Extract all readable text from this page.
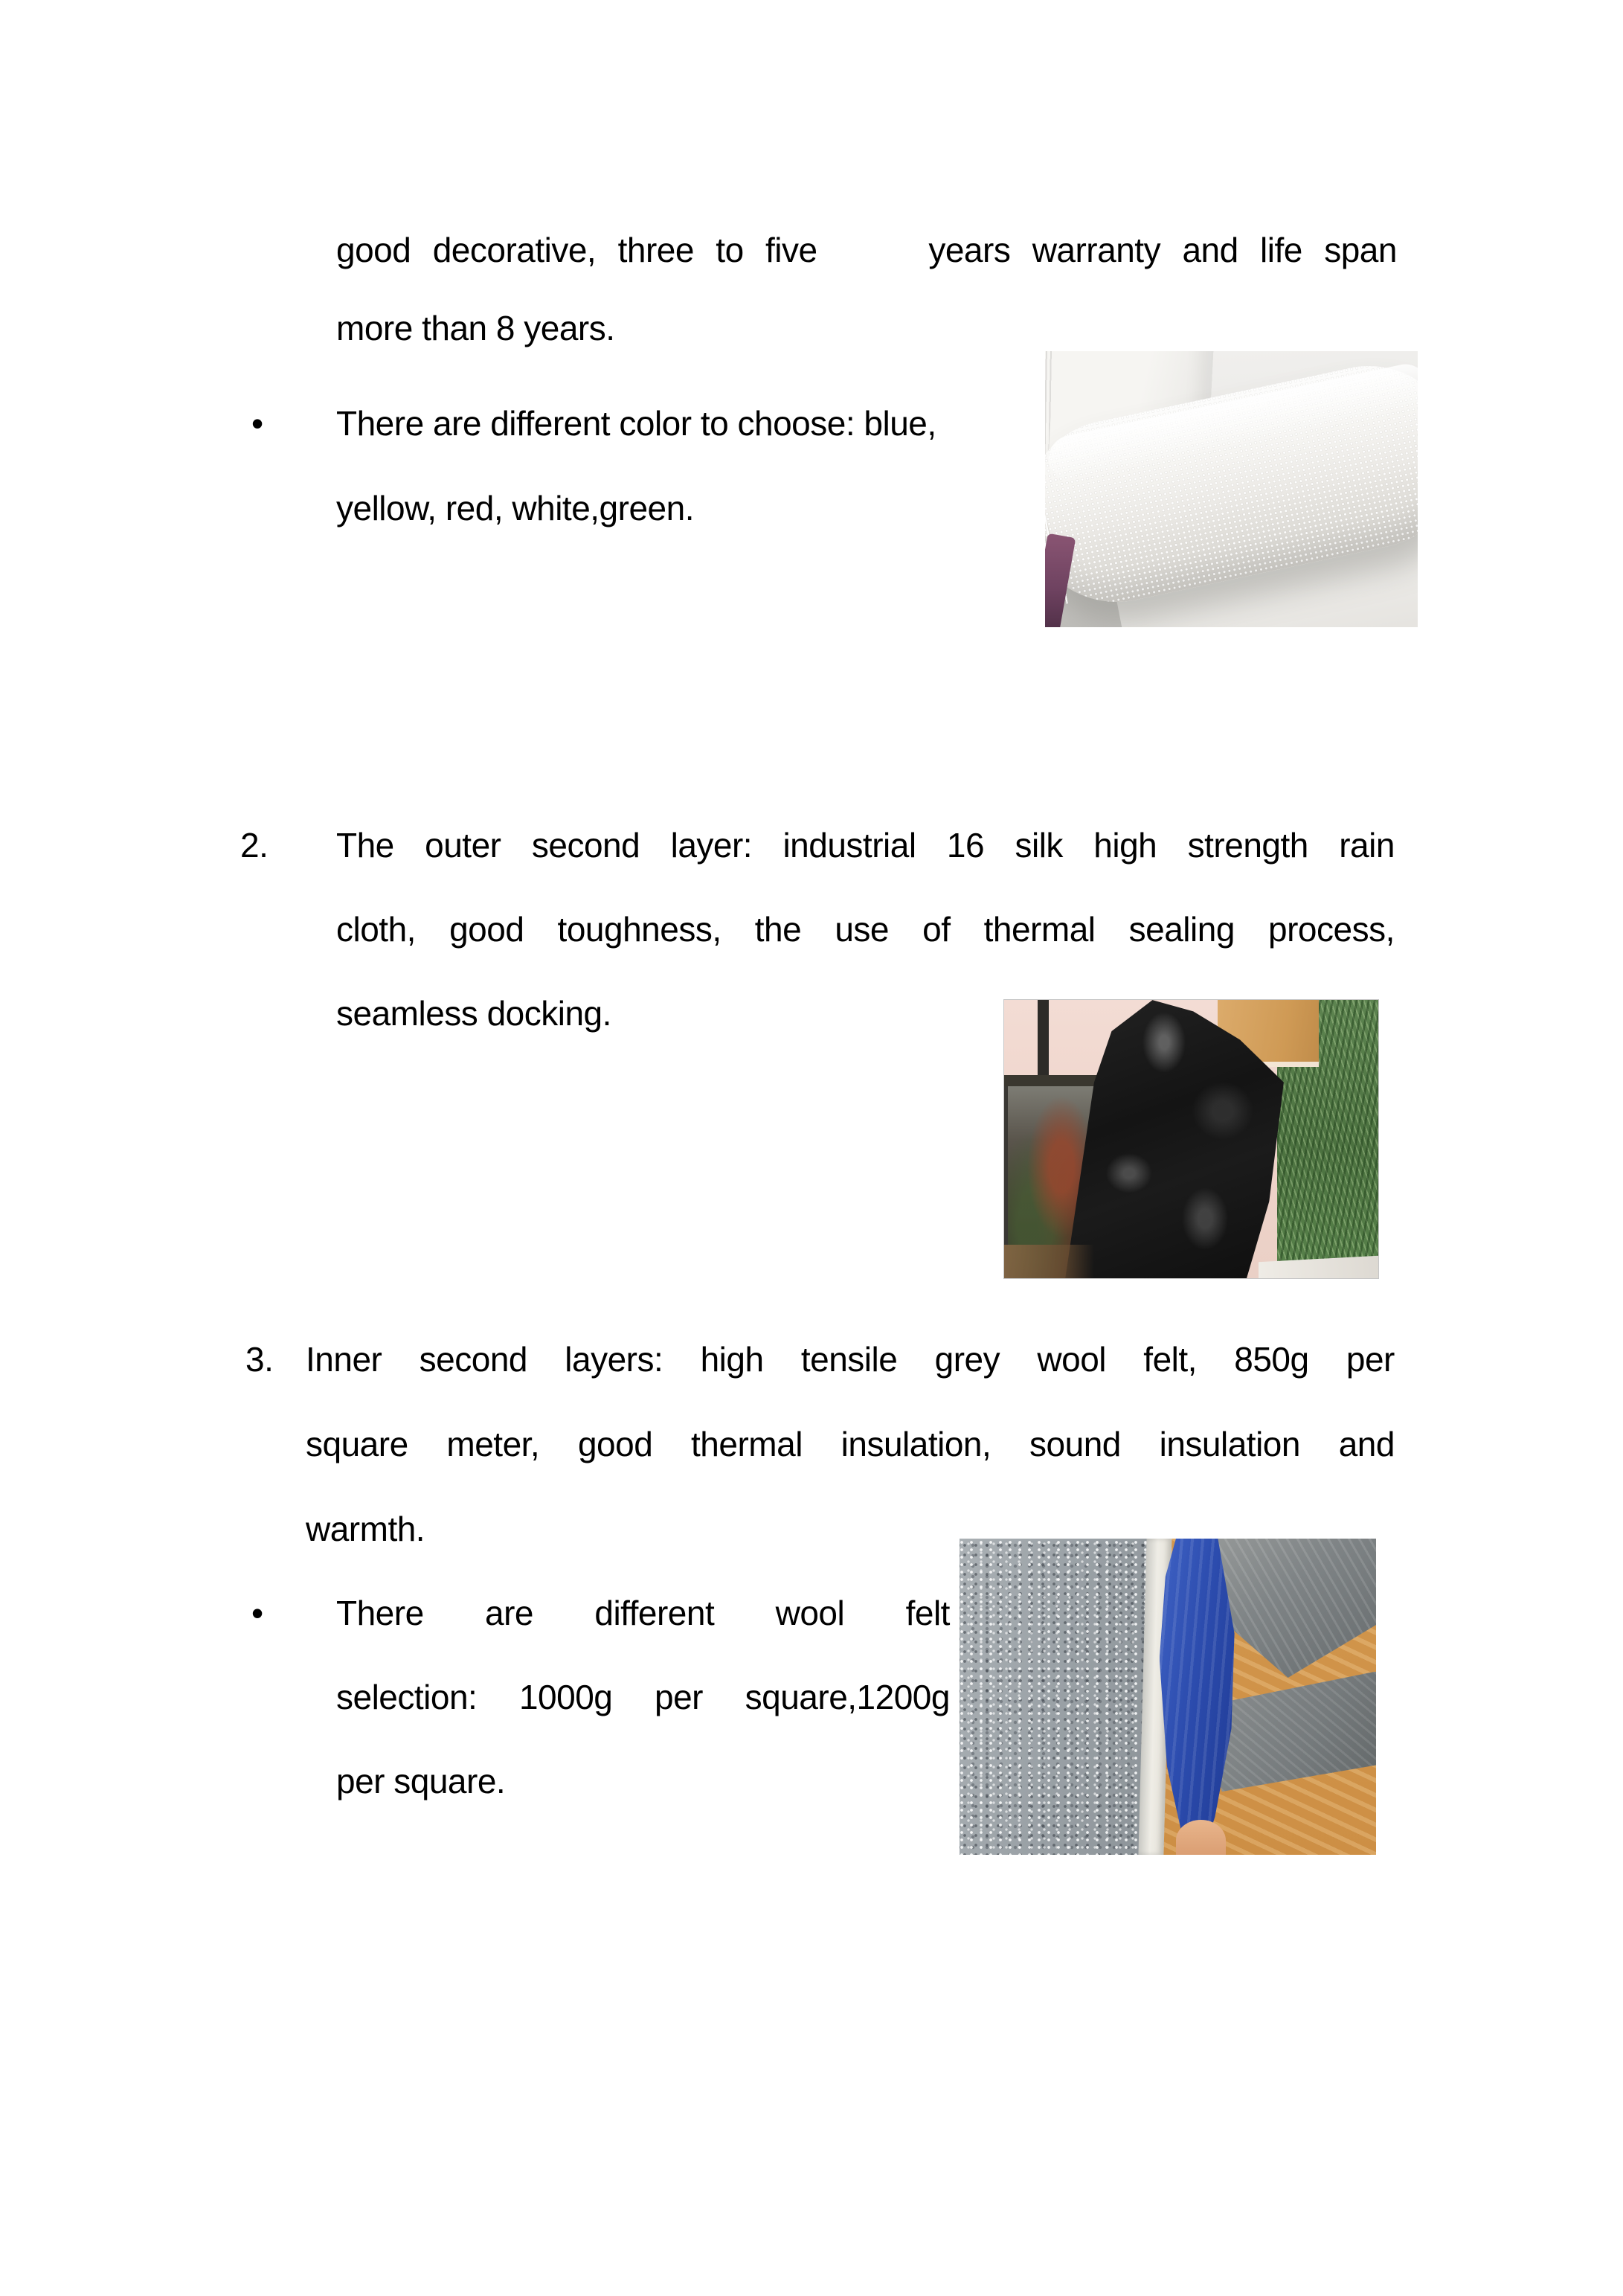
good decorative, three to five
  	years warranty and life span
more than 8 years.
• There are different color to choose: blue,
yellow, red, white,green.
2. The outer second layer: industrial 16 silk high strength rain
cloth, good toughness, the use of thermal sealing process,
seamless docking.
3. Inner second layers: high tensile grey wool felt, 850g per
square meter, good thermal insulation, sound insulation and
warmth.
• There are different wool felt
selection: 1000g per square,1200g
per square.
